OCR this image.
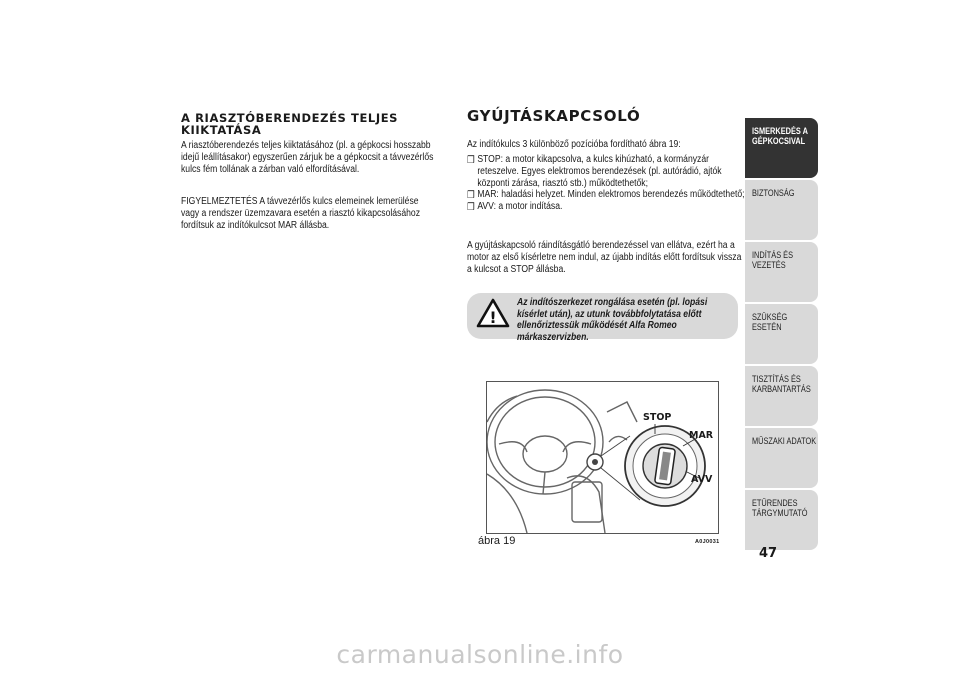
A RIASZTÓBERENDEZÉS TELJES KIIKTATÁSA
A riasztóberendezés teljes kiiktatásához (pl. a gépkocsi hosszabb idejű leállításakor) egyszerűen zárjuk be a gépkocsit a távvezérlős kulcs fém tollának a zárban való elfordításával.
FIGYELMEZTETÉS A távvezérlős kulcs elemeinek lemerülése vagy a rendszer üzemzavara esetén a riasztó kikapcsolásához fordítsuk az indítókulcsot MAR állásba.
GYÚJTÁSKAPCSOLÓ
Az indítókulcs 3 különböző pozícióba fordítható ábra 19:
❒ STOP: a motor kikapcsolva, a kulcs kihúzható, a kormányzár reteszelve. Egyes elektromos berendezések (pl. autórádió, ajtók központi zárása, riasztó stb.) működtethetők;
❒ MAR: haladási helyzet. Minden elektromos berendezés működtethető;
❒ AVV: a motor indítása.
A gyújtáskapcsoló ráindításgátló berendezéssel van ellátva, ezért ha a motor az első kísérletre nem indul, az újabb indítás előtt fordítsuk vissza a kulcsot a STOP állásba.
!
Az indítószerkezet rongálása esetén (pl. lopási kísérlet után), az utunk továbbfolytatása előtt ellenőriztessük működését Alfa Romeo márkaszervizben.
STOP
MAR
AVV
ábra 19	A0J0031
ISMERKEDÉS A GÉPKOCSIVAL
BIZTONSÁG
INDÍTÁS ÉS VEZETÉS
SZÜKSÉG ESETÉN
TISZTÍTÁS ÉS KARBANTARTÁS
MŰSZAKI ADATOK
ETŰRENDES TÁRGYMUTATÓ
47
carmanualsonline.info
